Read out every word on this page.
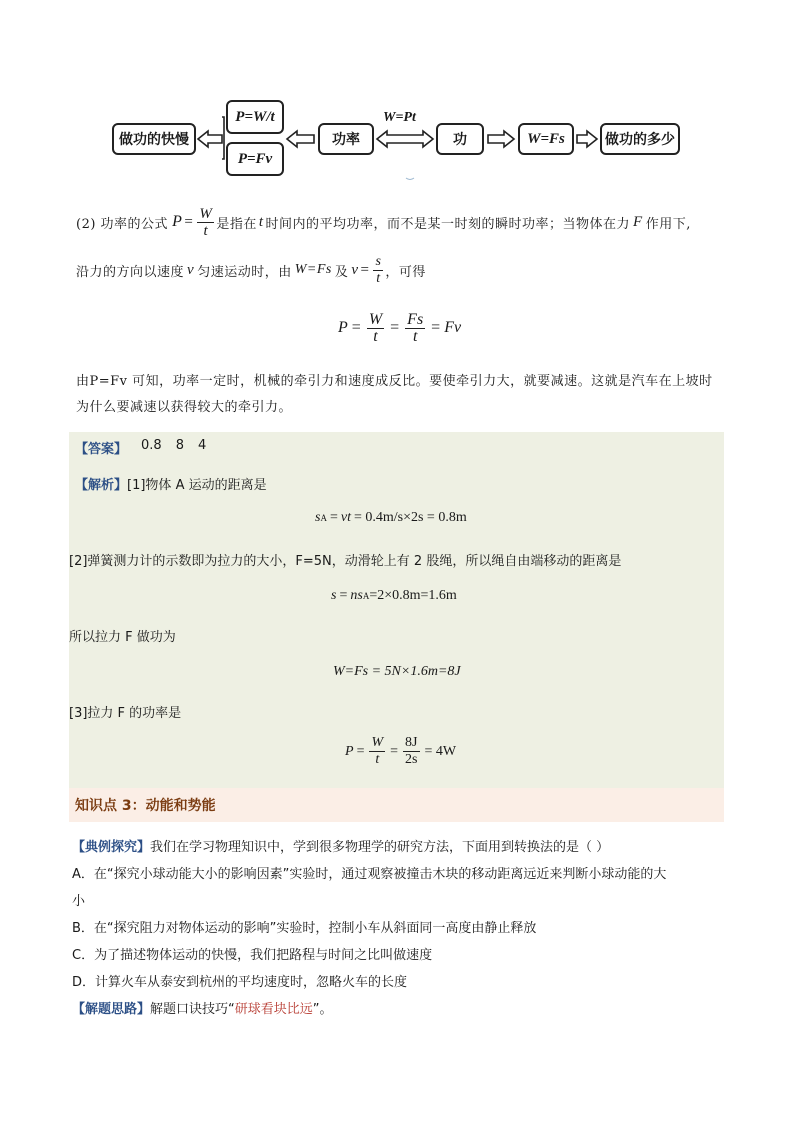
做功的快慢
P=W/t
P=Fv
功率	功	W=Fs	做功的多少
W=Pt
(2) 功率的公式 $P = \frac{W}{t}$ 是指在 t 时间内的平均功率，而不是某一时刻的瞬时功率；当物体在力 F 作用下,
沿力的方向以速度 v 匀速运动时，由 W=Fs 及 $v = \frac{s}{t}$ ，可得
$P = \frac{W}{t} = \frac{Fs}{t} = Fv$
由P=Fv 可知，功率一定时，机械的牵引力和速度成反比。要使牵引力大，就要减速。这就是汽车在上坡时
为什么要减速以获得较大的牵引力。
【答案】 0.8 8 4
【解析】 [1]物体 A 运动的距离是
s A = vt = 0.4m/s×2s = 0.8m
[2]弹簧测力计的示数即为拉力的大小，F=5N，动滑轮上有 2 股绳，所以绳自由端移动的距离是
s = ns A =2×0.8m=1.6m
所以拉力 F 做功为
W=Fs = 5N×1.6m=8J
[3]拉力 F 的功率是
$P = \frac{W}{t} = \frac{8J}{2s} = 4W$
知识点 3：动能和势能
【典例探究】我们在学习物理知识中，学到很多物理学的研究方法，下面用到转换法的是（ ）
A．在“探究小球动能大小的影响因素”实验时，通过观察被撞击木块的移动距离远近来判断小球动能的大
小
B．在“探究阻力对物体运动的影响”实验时，控制小车从斜面同一高度由静止释放
C．为了描述物体运动的快慢，我们把路程与时间之比叫做速度
D．计算火车从泰安到杭州的平均速度时，忽略火车的长度
【解题思路】解题口诀技巧“研球看块比远”。
